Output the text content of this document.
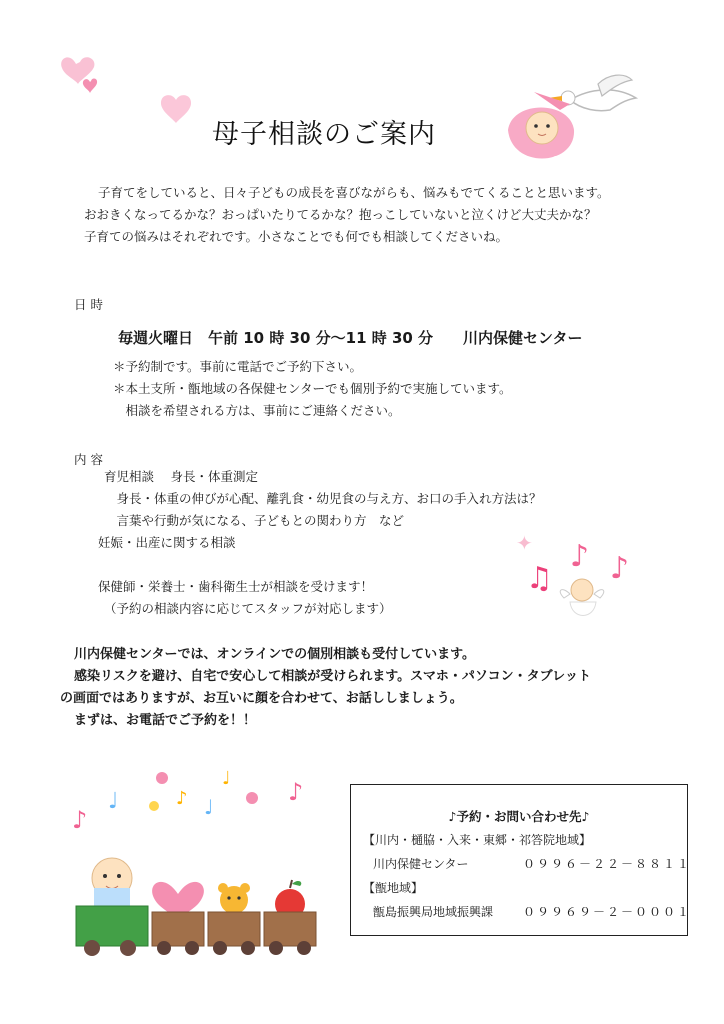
母子相談のご案内
子育てをしていると、日々子どもの成長を喜びながらも、悩みもでてくることと思います。
おおきくなってるかな？おっぱいたりてるかな？抱っこしていないと泣くけど大丈夫かな？
子育ての悩みはそれぞれです。小さなことでも何でも相談してくださいね。
日 時
毎週火曜日　午前 10 時 30 分～11 時 30 分　　川内保健センター
＊予約制です。事前に電話でご予約下さい。
＊本土支所・甑地域の各保健センターでも個別予約で実施しています。
　相談を希望される方は、事前にご連絡ください。
内 容
育児相談　 身長・体重測定
　身長・体重の伸びが心配、離乳食・幼児食の与え方、お口の手入れ方法は？
　言葉や行動が気になる、子どもとの関わり方　など
妊娠・出産に関する相談
保健師・栄養士・歯科衛生士が相談を受けます！
（予約の相談内容に応じてスタッフが対応します）
✦ ♪ ♪
♫
川内保健センターでは、オンラインでの個別相談も受付しています。
感染リスクを避け、自宅で安心して相談が受けられます。スマホ・パソコン・タブレット
の画面ではありますが、お互いに顔を合わせて、お話ししましょう。
まずは、お電話でご予約を！！
♪
♩	♪ ♩
♩ ♪
♪予約・お問い合わせ先♪
【川内・樋脇・入来・東郷・祁答院地域】
川内保健センター	０９９６－２２－８８１１
【甑地域】
甑島振興局地域振興課 ０９９６９－２－０００１
